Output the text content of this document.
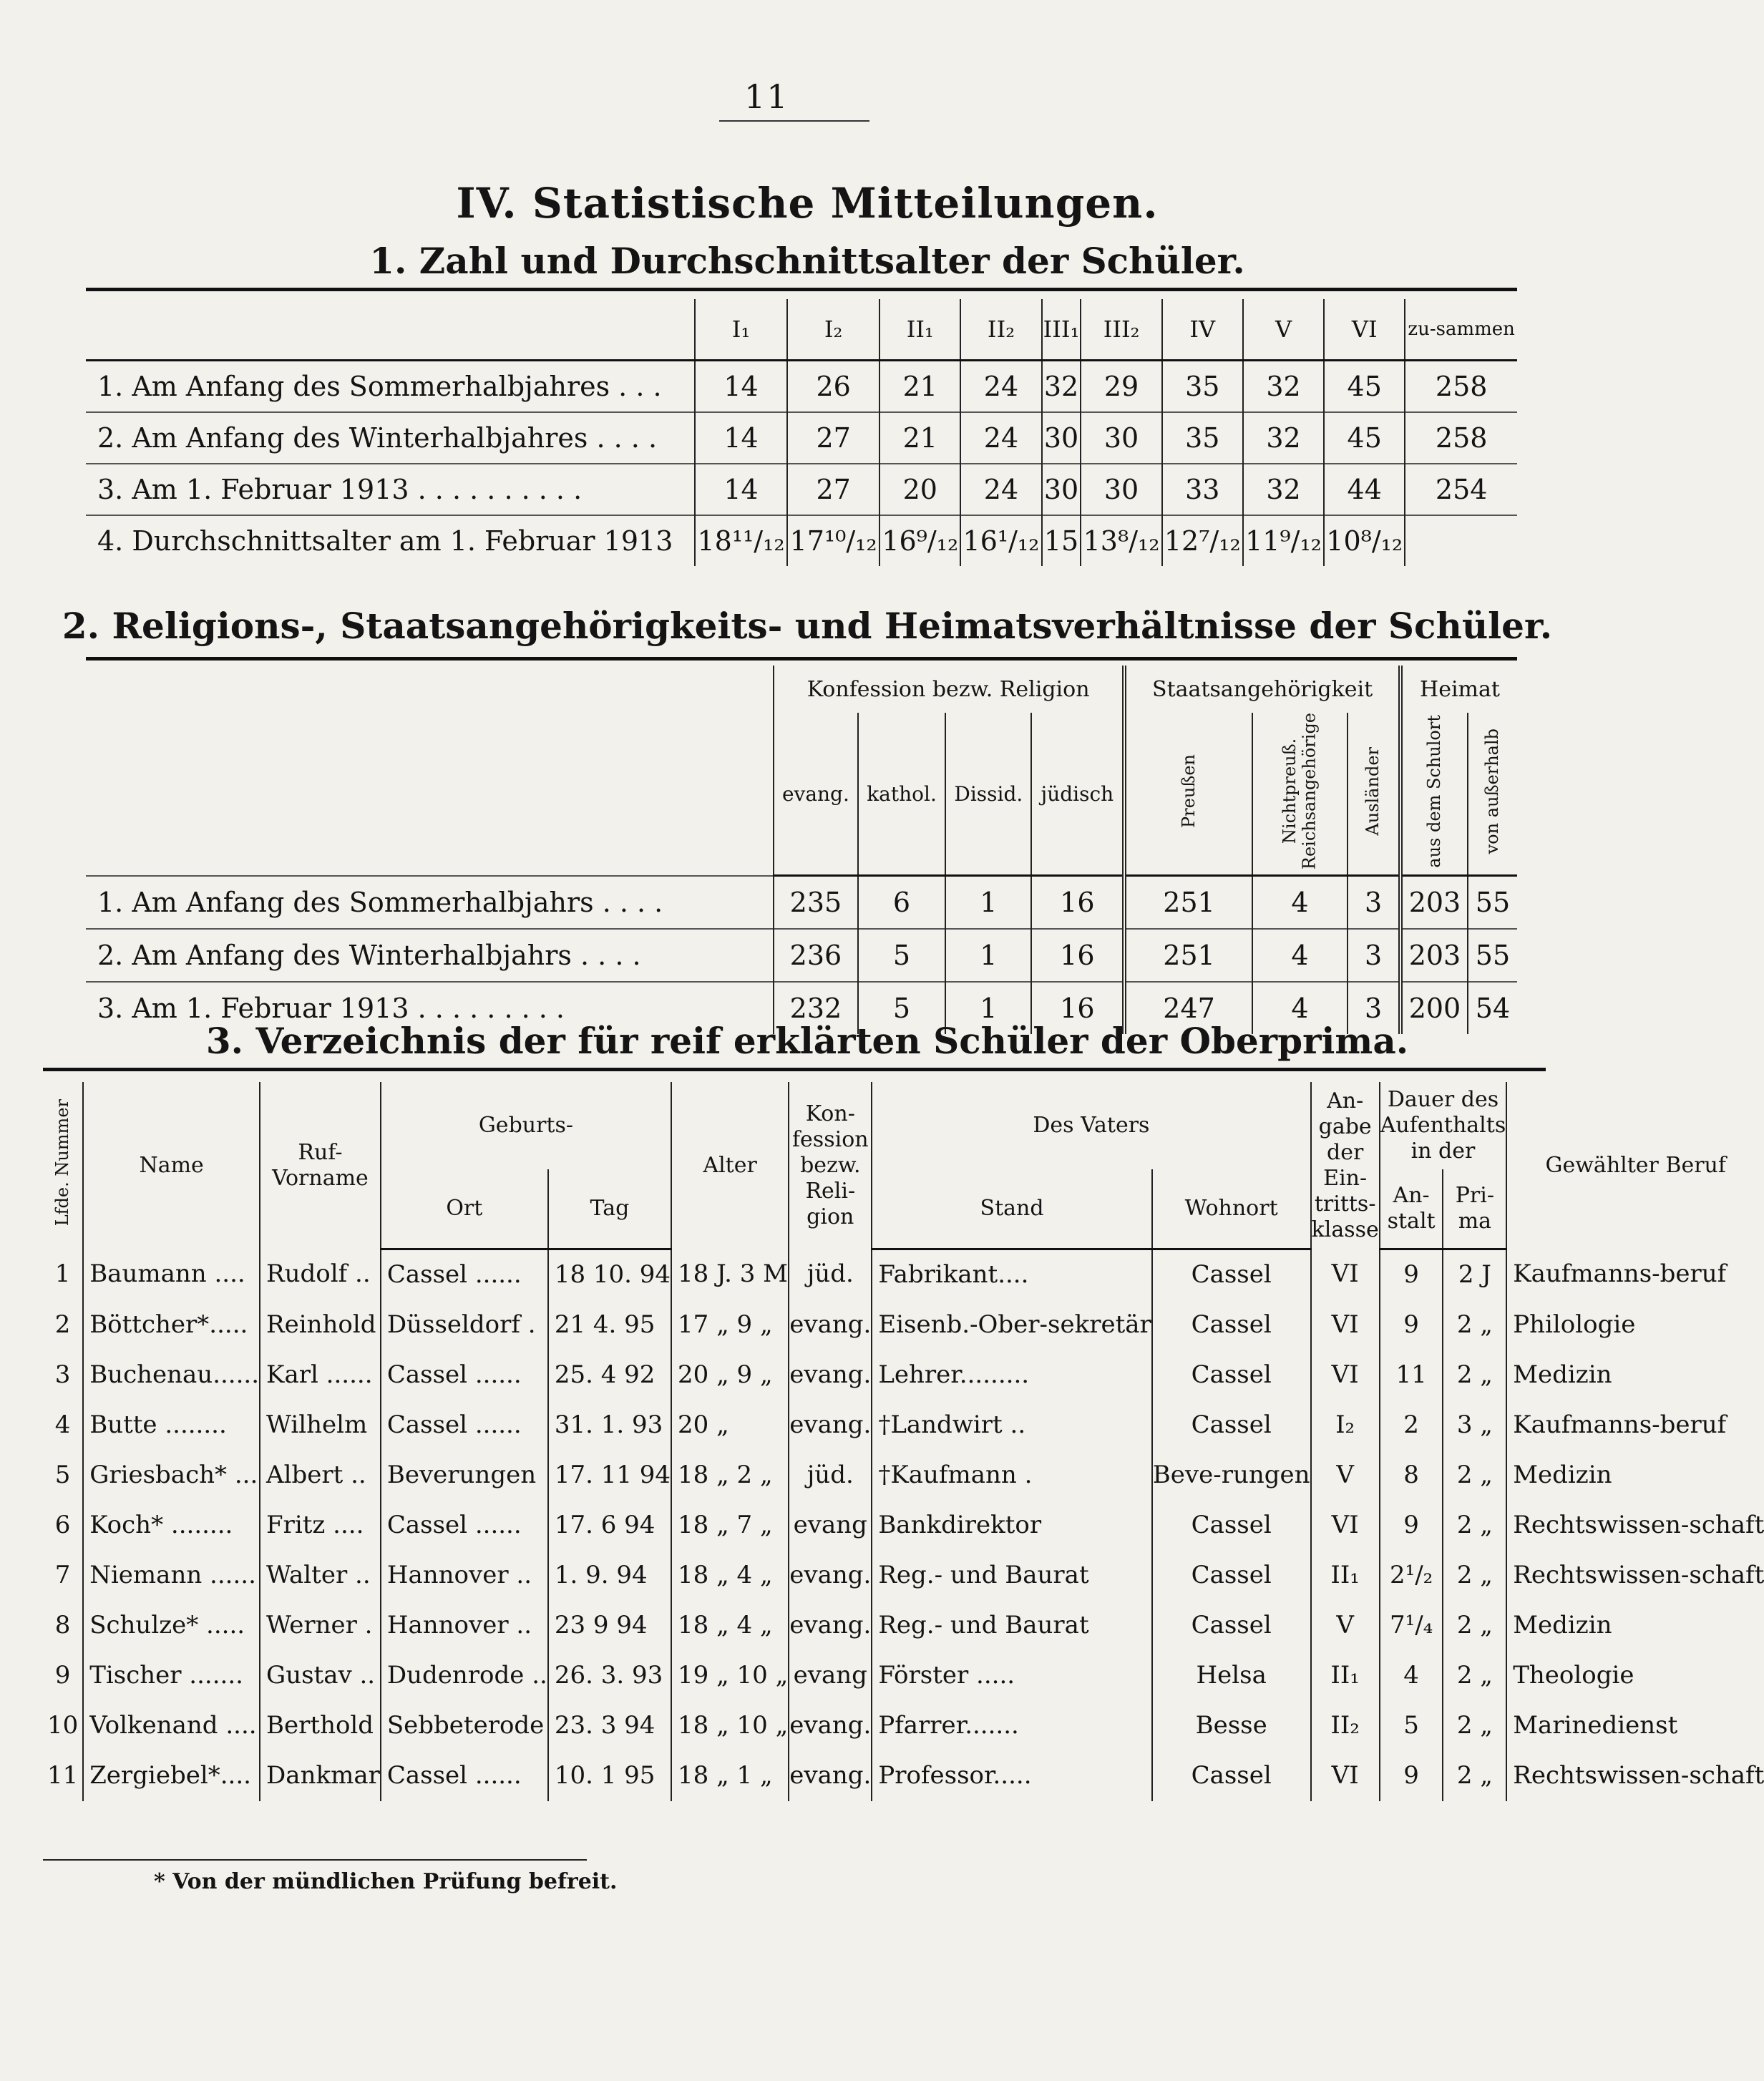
11
IV. Statistische Mitteilungen.
1. Zahl und Durchschnittsalter der Schüler.
	I₁	I₂	II₁	II₂	III₁	III₂	IV	V	VI	zu-sammen
1. Am Anfang des Sommerhalbjahres . . .	14	26	21	24	32	29	35	32	45	258
2. Am Anfang des Winterhalbjahres . . . .	14	27	21	24	30	30	35	32	45	258
3. Am 1. Februar 1913 . . . . . . . . . .	14	27	20	24	30	30	33	32	44	254
4. Durchschnittsalter am 1. Februar 1913	18¹¹/₁₂	17¹⁰/₁₂	16⁹/₁₂	16¹/₁₂	15	13⁸/₁₂	12⁷/₁₂	11⁹/₁₂	10⁸/₁₂	
2. Religions-, Staatsangehörigkeits- und Heimatsverhältnisse der Schüler.
	Konfession bezw. Religion				Staatsangehörigkeit			Heimat	
	evang.	kathol.	Dissid.	jüdisch	Preußen	Nichtpreuß. Reichsangehörige	Ausländer	aus dem Schulort	von außerhalb
1. Am Anfang des Sommerhalbjahrs . . . .	235	6	1	16	251	4	3	203	55
2. Am Anfang des Winterhalbjahrs . . . .	236	5	1	16	251	4	3	203	55
3. Am 1. Februar 1913 . . . . . . . . .	232	5	1	16	247	4	3	200	54
3. Verzeichnis der für reif erklärten Schüler der Oberprima.
Lfde. Nummer	Name	Ruf-Vorname	Geburts-		Alter	Kon-fession bezw. Reli-gion	Des Vaters		An-gabe der Ein-tritts-klasse	Dauer des Aufenthalts in der		Gewählter Beruf
			Ort	Tag			Stand	Wohnort		An-stalt	Pri-ma	
1	Baumann ....	Rudolf ..	Cassel ......	18 10. 94	18 J. 3 M	jüd.	Fabrikant....	Cassel	VI	9	2 J	Kaufmanns-beruf
2	Böttcher*.....	Reinhold	Düsseldorf .	21 4. 95	17 „ 9 „	evang.	Eisenb.-Ober-sekretär	Cassel	VI	9	2 „	Philologie
3	Buchenau......	Karl ......	Cassel ......	25. 4 92	20 „ 9 „	evang.	Lehrer.........	Cassel	VI	11	2 „	Medizin
4	Butte ........	Wilhelm	Cassel ......	31. 1. 93	20 „	evang.	†Landwirt ..	Cassel	I₂	2	3 „	Kaufmanns-beruf
5	Griesbach* ...	Albert ..	Beverungen	17. 11 94	18 „ 2 „	jüd.	†Kaufmann .	Beve-rungen	V	8	2 „	Medizin
6	Koch* ........	Fritz ....	Cassel ......	17. 6 94	18 „ 7 „	evang	Bankdirektor	Cassel	VI	9	2 „	Rechtswissen-schaft
7	Niemann ......	Walter ..	Hannover ..	1. 9. 94	18 „ 4 „	evang.	Reg.- und Baurat	Cassel	II₁	2¹/₂	2 „	Rechtswissen-schaft
8	Schulze* .....	Werner .	Hannover ..	23 9 94	18 „ 4 „	evang.	Reg.- und Baurat	Cassel	V	7¹/₄	2 „	Medizin
9	Tischer .......	Gustav ..	Dudenrode ..	26. 3. 93	19 „ 10 „	evang	Förster .....	Helsa	II₁	4	2 „	Theologie
10	Volkenand ....	Berthold	Sebbeterode	23. 3 94	18 „ 10 „	evang.	Pfarrer.......	Besse	II₂	5	2 „	Marinedienst
11	Zergiebel*....	Dankmar	Cassel ......	10. 1 95	18 „ 1 „	evang.	Professor.....	Cassel	VI	9	2 „	Rechtswissen-schaft
* Von der mündlichen Prüfung befreit.
